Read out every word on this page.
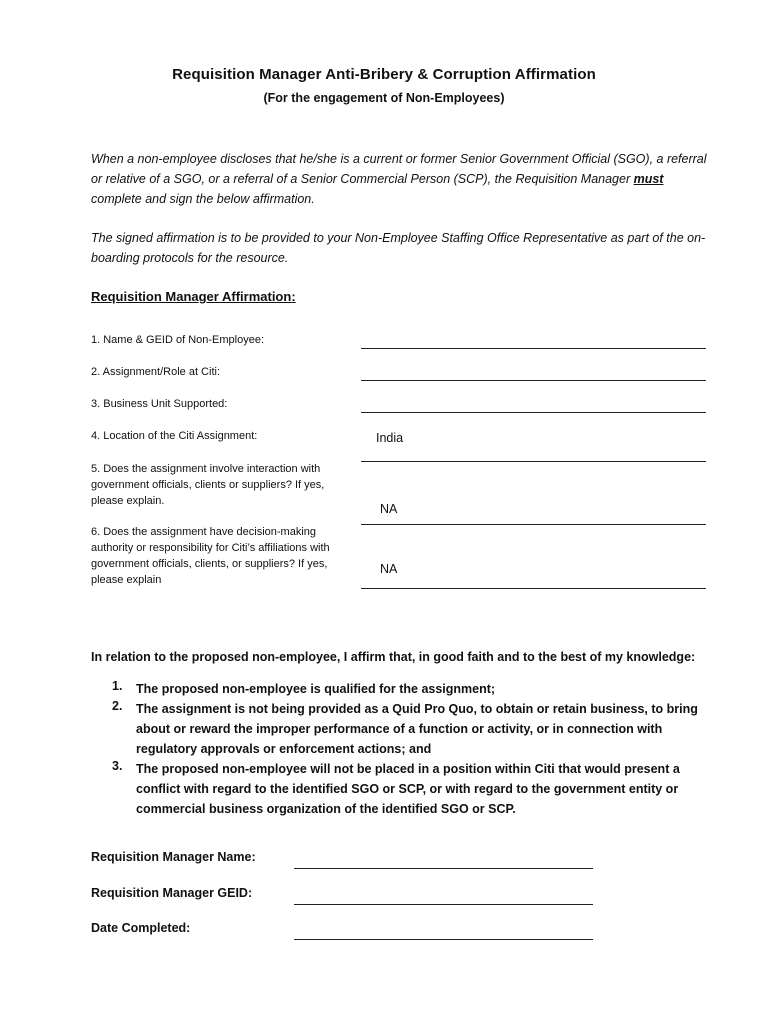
Requisition Manager Anti-Bribery & Corruption Affirmation
(For the engagement of Non-Employees)
When a non-employee discloses that he/she is a current or former Senior Government Official (SGO), a referral or relative of a SGO, or a referral of a Senior Commercial Person (SCP), the Requisition Manager must complete and sign the below affirmation.
The signed affirmation is to be provided to your Non-Employee Staffing Office Representative as part of the on-boarding protocols for the resource.
Requisition Manager Affirmation:
1. Name & GEID of Non-Employee:
2. Assignment/Role at Citi:
3. Business Unit Supported:
4. Location of the Citi Assignment:	India
5. Does the assignment involve interaction with government officials, clients or suppliers? If yes, please explain.
NA
6. Does the assignment have decision-making authority or responsibility for Citi’s affiliations with government officials, clients, or suppliers? If yes, please explain
NA
In relation to the proposed non-employee, I affirm that, in good faith and to the best of my knowledge:
1. The proposed non-employee is qualified for the assignment;
2. The assignment is not being provided as a Quid Pro Quo, to obtain or retain business, to bring about or reward the improper performance of a function or activity, or in connection with regulatory approvals or enforcement actions; and
3. The proposed non-employee will not be placed in a position within Citi that would present a conflict with regard to the identified SGO or SCP, or with regard to the government entity or commercial business organization of the identified SGO or SCP.
Requisition Manager Name:
Requisition Manager GEID:
Date Completed:
